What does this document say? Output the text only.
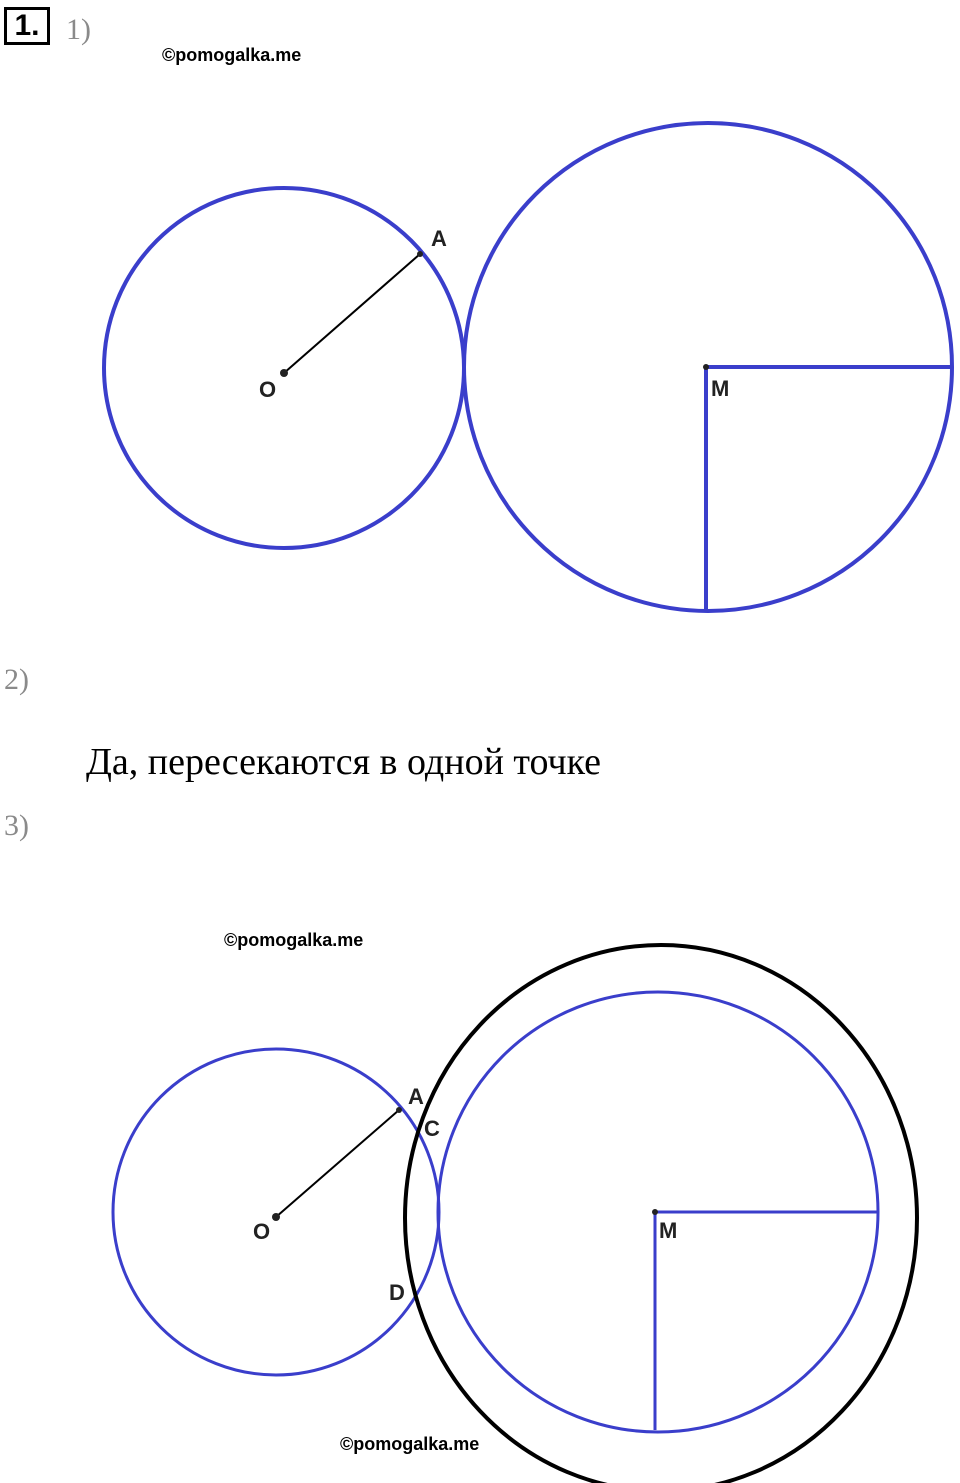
1. 1)
©pomogalka.me
A
O	M
2)
Да, пересекаются в одной точке
3)
©pomogalka.me
A
C
O	M
D
©pomogalka.me
